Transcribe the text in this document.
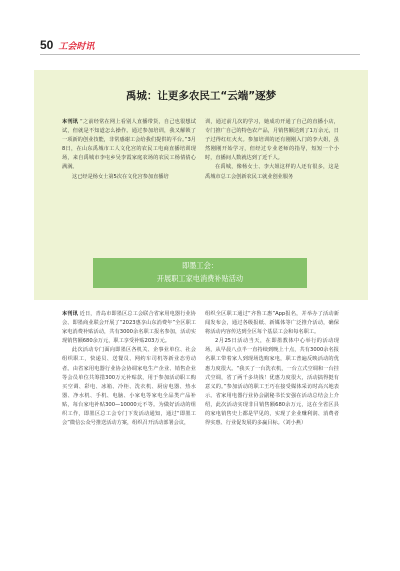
50 工会时讯
禹城：让更多农民工“云端”逐梦

本刊讯 “之前经常在网上看别人直播带货，自己也很想试试，但就是不知道怎么操作。通过参加培训，我又解锁了一项新的创业技能，非常感谢工会给我们提供的平台。”3月8日，在山东禹城市工人文化宫的农民工电商直播培训现场，来自禹城市李屯乡吴李霞家庭农场的农民工杨倩倩心满满。

这已经是杨女士第5次在文化宫参加直播培

训，通过前几次的学习，她成功开通了自己的直播小店，专门推广自己的特色农产品，月销售额达到了1万余元，日子过得红红火火。参加培训的还有刚刚入门的李大姐，虽然刚刚开始学习，但经过专业老师的指导，短短一个小时，直播间人数就达到了近千人。

在禹城，像杨女士、李大姐这样的人还有很多，这是禹城市总工会创新农民工就业创业服务

即墨工会：
开展职工家电消费补贴活动

本刊讯 近日，青岛市即墨区总工会联合省家用电器行业协会、即墨商业联会开展了“2023惠享山东消费年”全区职工家电消费补贴活动，共有3000余名职工报名参加，活动实现销售额680余万元，职工享受补贴203万元。

此次活动专门面向即墨区各机关、企事业单位、社会组织职工，快递员、送餐员、网约车司机等新业态劳动者。由省家用电器行业协会协调家电生产企业、销售企业等会员单位共筹措300万元补贴款，用于参加活动职工购买空调、彩电、冰箱、冷柜、洗衣机、厨房电器、热水器、净水机、手机、电脑、小家电等家电全品类产品补贴，每台家电补贴300—10000元不等。为做好活动的组织工作，即墨区总工会专门下发活动通知，通过“即墨工会”微信公众号推送活动方案，组织召开活动部署会议，

组织全区职工通过“齐鲁工惠”App报名，并举办了活动新闻发布会，通过各级报纸、新媒体等广泛推介活动，确保将活动内容传达到全区每个基层工会和每名职工。

2月25日活动当天，在即墨教体中心举行的活动现场，从早晨八点半一直持续到晚上十点，共有3000余名报名职工带着家人到现场选购家电，职工普遍反映活动的优惠力度很大。“我买了一台洗衣机，一台立式空调和一台挂式空调，省了两千多块钱！优惠力度很大，活动搞得挺有意义的。”参加活动的职工王巧在接受媒体采访时高兴地表示。省家用电器行业协会副秘书长安强在活动总结会上介绍，此次活动实现非目销售额680余万元，这在全省区县的家电销售史上都是罕见的，实现了企业赚利润、消费者得实惠、行业促发展的多赢目标。（刘小燕）
